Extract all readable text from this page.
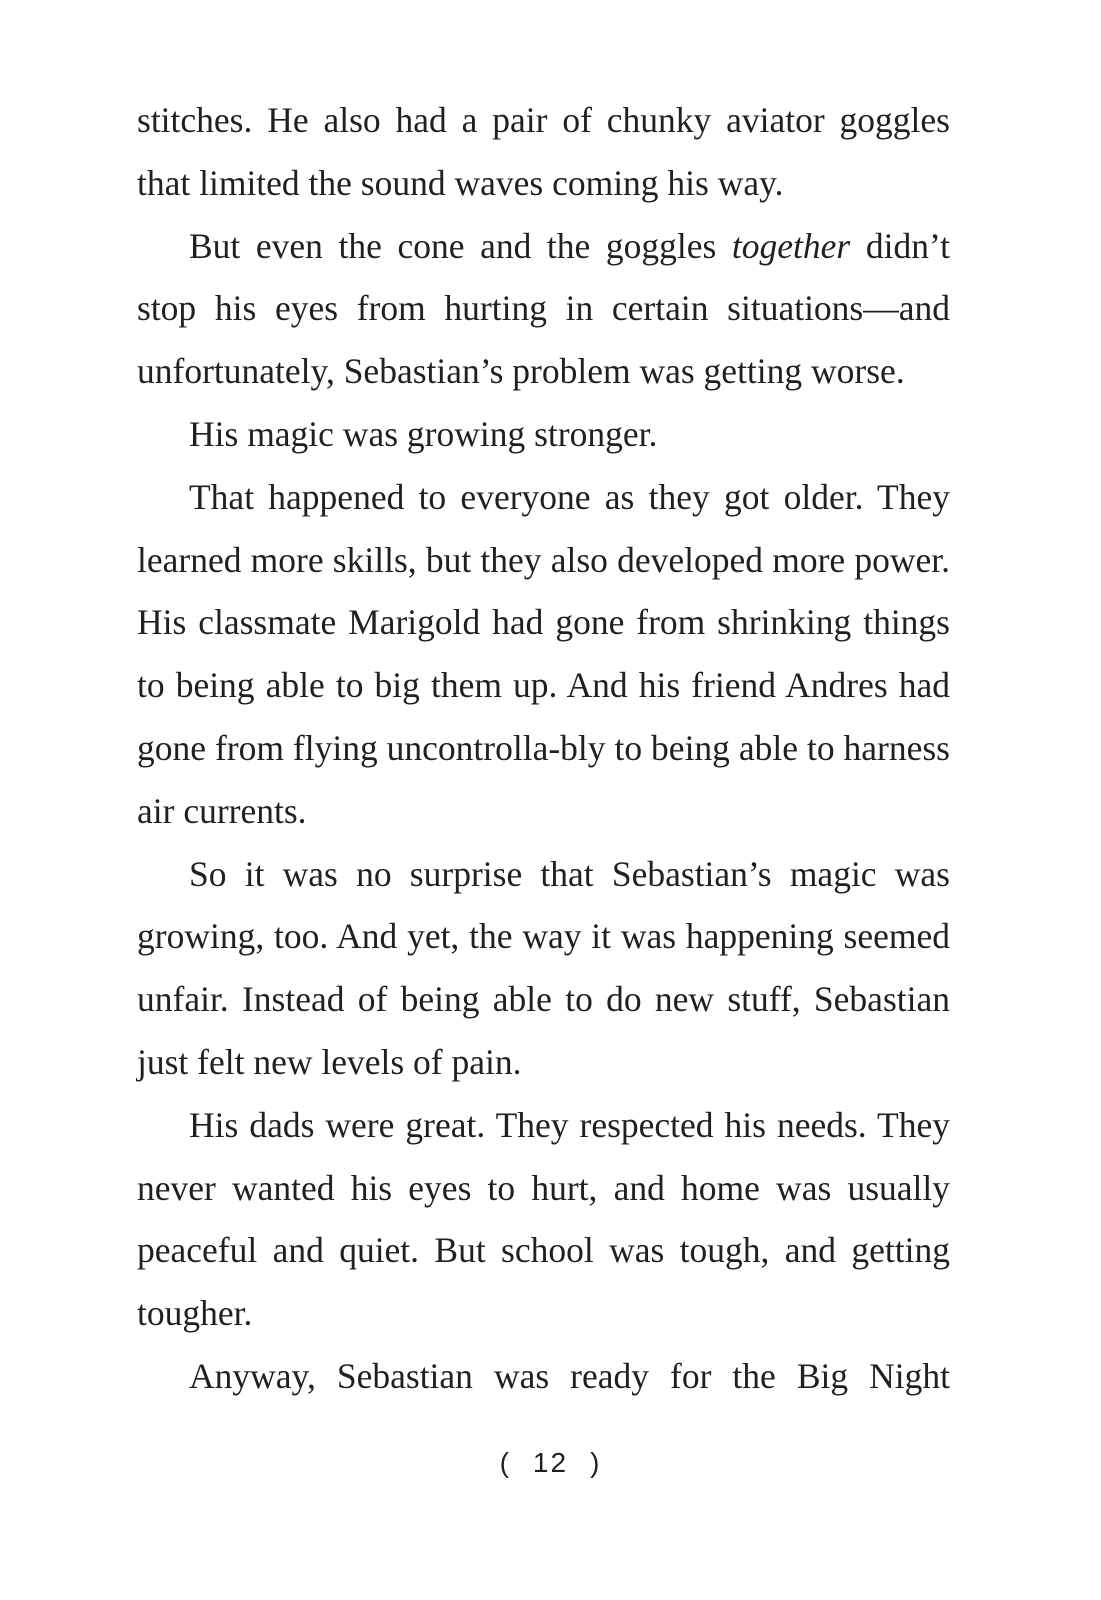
stitches. He also had a pair of chunky aviator goggles that limited the sound waves coming his way.

But even the cone and the goggles together didn’t stop his eyes from hurting in certain situations—and unfortunately, Sebastian’s problem was getting worse.

His magic was growing stronger.

That happened to everyone as they got older. They learned more skills, but they also developed more power. His classmate Marigold had gone from shrinking things to being able to big them up. And his friend Andres had gone from flying uncontrolla-bly to being able to harness air currents.

So it was no surprise that Sebastian’s magic was growing, too. And yet, the way it was happening seemed unfair. Instead of being able to do new stuff, Sebastian just felt new levels of pain.

His dads were great. They respected his needs. They never wanted his eyes to hurt, and home was usually peaceful and quiet. But school was tough, and getting tougher.

Anyway, Sebastian was ready for the Big Night

( 12 )
